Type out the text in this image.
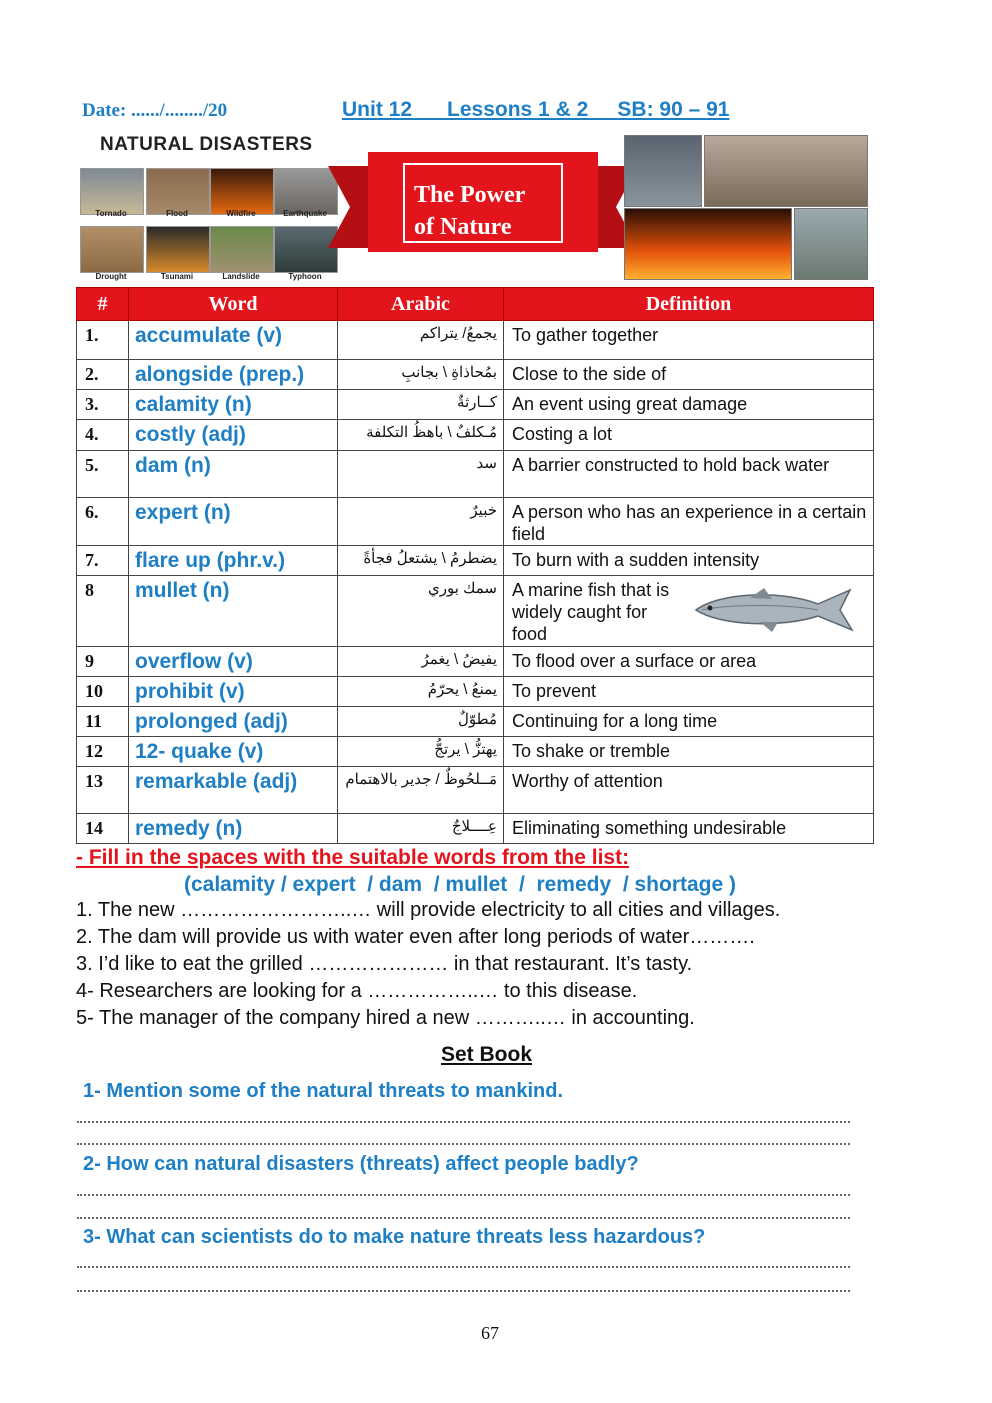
Date: ....../......../20	Unit 12      Lessons 1 & 2     SB: 90 – 91
NATURAL DISASTERS
Tornado	Flood	Wildfire	Earthquake
Drought	Tsunami	Landslide	Typhoon
The Power
of Nature
#	Word	Arabic	Definition
1.	accumulate (v)	يجمعُ/ يتراكم	To gather together
2.	alongside (prep.)	بمُحاذاةِ \ بجانبِ	Close to the side of
3.	calamity (n)	كــارثةٌ	An event using great damage
4.	costly (adj)	مُـكلفٌ \ باهظُ التكلفة	Costing a lot
5.	dam (n)	سد	A barrier constructed to hold back water
6.	expert (n)	خبيرٌ	A person who has an experience in a certain field
7.	flare up (phr.v.)	يضطرمُ \ يشتعلُ فجأةً	To burn with a sudden intensity
8	mullet (n)	سمك بوري	A marine fish that is widely caught for food

9	overflow (v)	يفيضُ \ يغمرُ	To flood over a surface or area
10	prohibit (v)	يمنعُ \ يحرّمُ	To prevent
11	prolonged (adj)	مُطوّلٌ	Continuing for a long time
12	12- quake (v)	يهتزُّ \ يرتجُّ	To shake or tremble
13	remarkable (adj)	مَــلحُوظٌ / جدير بالاهتمام	Worthy of attention
14	remedy (n)	عِــــلاجٌ	Eliminating something undesirable
- Fill in the spaces with the suitable words from the list:
(calamity / expert  / dam  / mullet  /  remedy  / shortage )
1. The new ……………………..… will provide electricity to all cities and villages.
2. The dam will provide us with water even after long periods of water……….
3. I’d like to eat the grilled ………………… in that restaurant. It’s tasty.
4- Researchers are looking for a ……………..… to this disease.
5- The manager of the company hired a new ………..… in accounting.
Set Book
1- Mention some of the natural threats to mankind.
2- How can natural disasters (threats) affect people badly?
3- What can scientists do to make nature threats less hazardous?
67
